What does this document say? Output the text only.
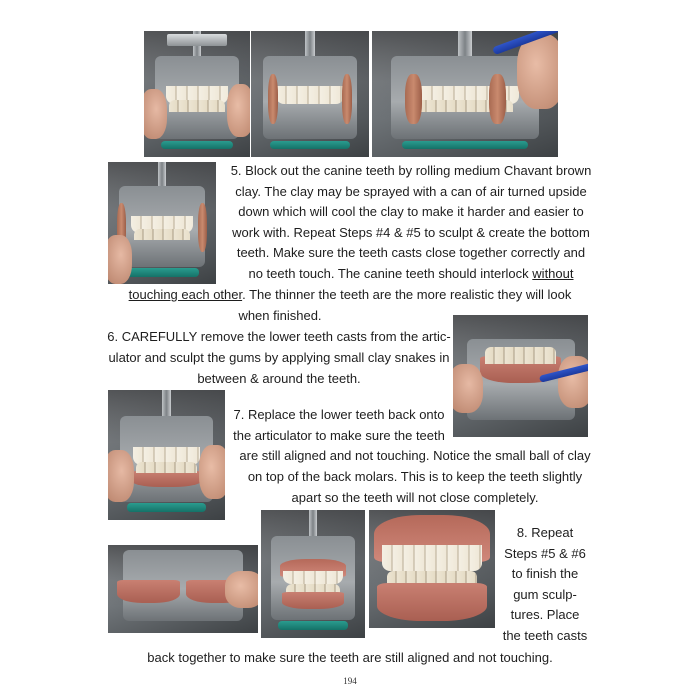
5. Block out the canine teeth by rolling medium Chavant brown
clay. The clay may be sprayed with a can of air turned upside
down which will cool the clay to make it harder and easier to
work with. Repeat Steps #4 & #5 to sculpt & create the bottom
teeth. Make sure the teeth casts close together correctly and
no teeth touch. The canine teeth should interlock without
touching each other. The thinner the teeth are the more realistic they will look
when finished.
6. CAREFULLY remove the lower teeth casts from the artic-
ulator and sculpt the gums by applying small clay snakes in
between & around the teeth.
7. Replace the lower teeth back onto
the articulator to make sure the teeth
are still aligned and not touching. Notice the small ball of clay
on top of the back molars. This is to keep the teeth slightly
apart so the teeth will not close completely.
8. Repeat
Steps #5 & #6
to finish the
gum sculp-
tures. Place
the teeth casts
back together to make sure the teeth are still aligned and not touching.
194
